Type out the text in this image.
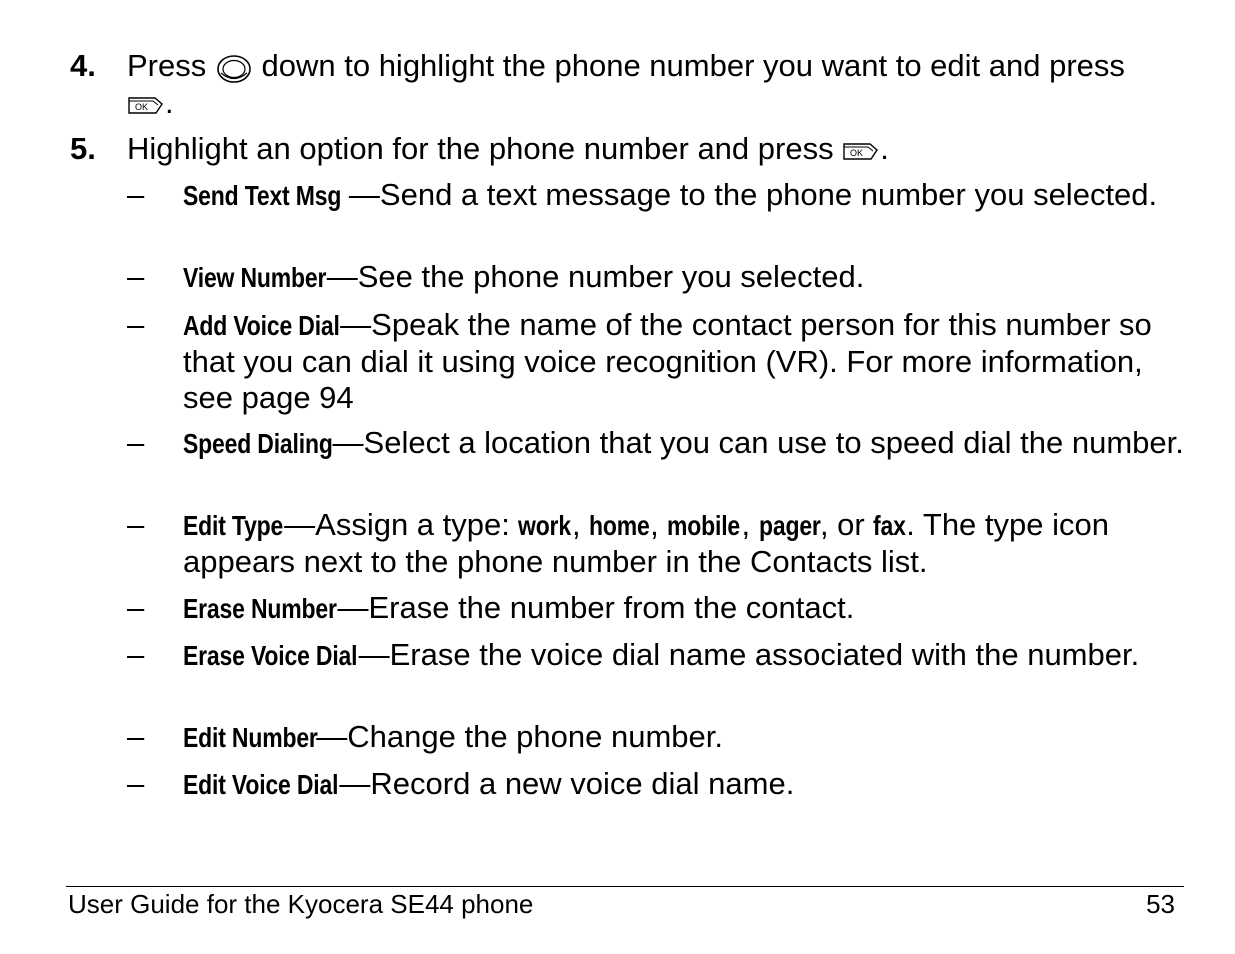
4. Press down to highlight the phone number you want to edit and press

OK .
5. Highlight an option for the phone number and press OK .
– Send Text Msg —Send a text message to the phone number you selected.
– View Number—See the phone number you selected.
– Add Voice Dial—Speak the name of the contact person for this number so that you can dial it using voice recognition (VR). For more information, see page 94
– Speed Dialing—Select a location that you can use to speed dial the number.
– Edit Type—Assign a type: work, home, mobile, pager, or fax. The type icon appears next to the phone number in the Contacts list.
– Erase Number—Erase the number from the contact.
– Erase Voice Dial—Erase the voice dial name associated with the number.
– Edit Number—Change the phone number.
– Edit Voice Dial—Record a new voice dial name.
User Guide for the Kyocera SE44 phone	53
